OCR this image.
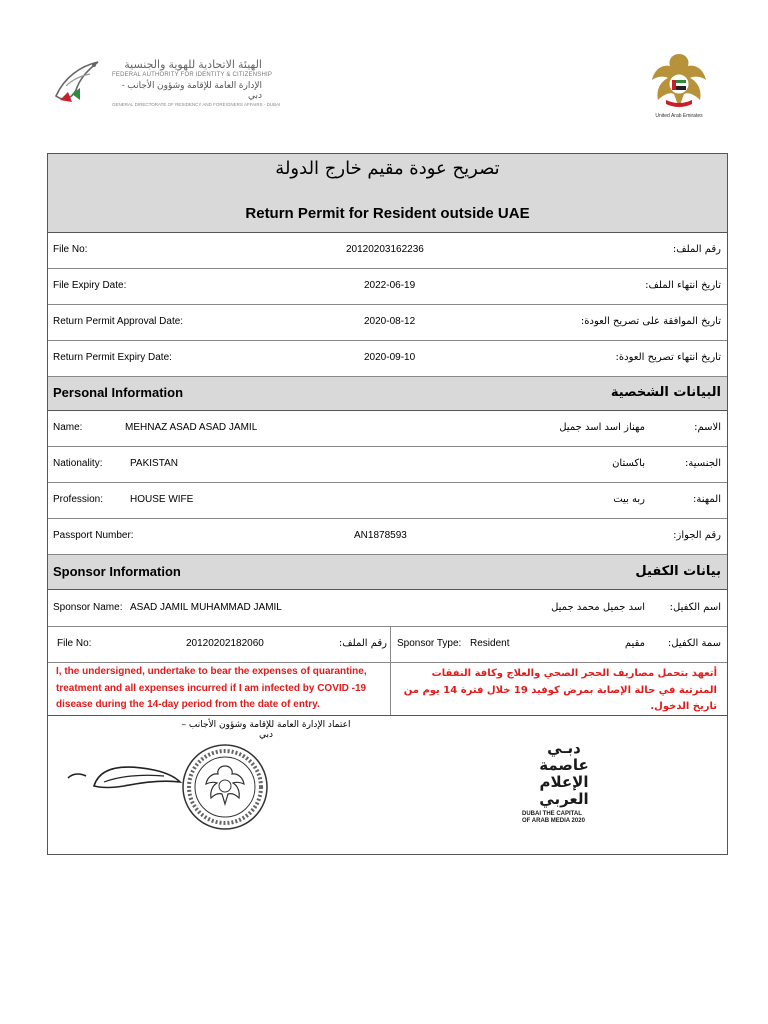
الهيئة الاتحادية للهوية والجنسية
FEDERAL AUTHORITY FOR IDENTITY & CITIZENSHIP
الإدارة العامة للإقامة وشؤون الأجانب - دبي
GENERAL DIRECTORATE OF RESIDENCY AND FOREIGNERS AFFAIRS - DUBAI
United Arab Emirates
تصريح عودة مقيم خارج الدولة
Return Permit for Resident outside UAE
File No:	20120203162236	رقم الملف:
File Expiry Date:	2022-06-19	تاريخ انتهاء الملف:
Return Permit Approval Date:	2020-08-12	تاريخ الموافقة على تصريح العودة:
Return Permit Expiry Date:	2020-09-10	تاريخ انتهاء تصريح العودة:
Personal Information	البيانات الشخصية
Name:	MEHNAZ ASAD ASAD JAMIL	مهناز اسد اسد جميل	الاسم:
Nationality:	PAKISTAN	باكستان	الجنسية:
Profession:	HOUSE WIFE	ربه بيت	المهنة:
Passport Number:	AN1878593	رقم الجواز:
Sponsor Information	بيانات الكفيل
Sponsor Name: ASAD JAMIL MUHAMMAD JAMIL	اسد جميل محمد جميل اسم الكفيل:
File No:	20120202182060	رقم الملف: Sponsor Type: Resident	مقيم سمة الكفيل:
I, the undersigned, undertake to bear the expenses of quarantine, treatment and all expenses incurred if I am infected by COVID -19 disease during the 14-day period from the date of entry.
أتعهد بتحمل مصاريف الحجر الصحي والعلاج وكافة النفقات المترتبة في حالة الإصابة بمرض كوفيد 19 خلال فترة 14 يوم من تاريخ الدخول.
اعتماد الإدارة العامة للإقامة وشؤون الأجانب – دبي
دبـي
عاصمة
الإعلام
العربي
DUBAI THE CAPITAL
OF ARAB MEDIA 2020
